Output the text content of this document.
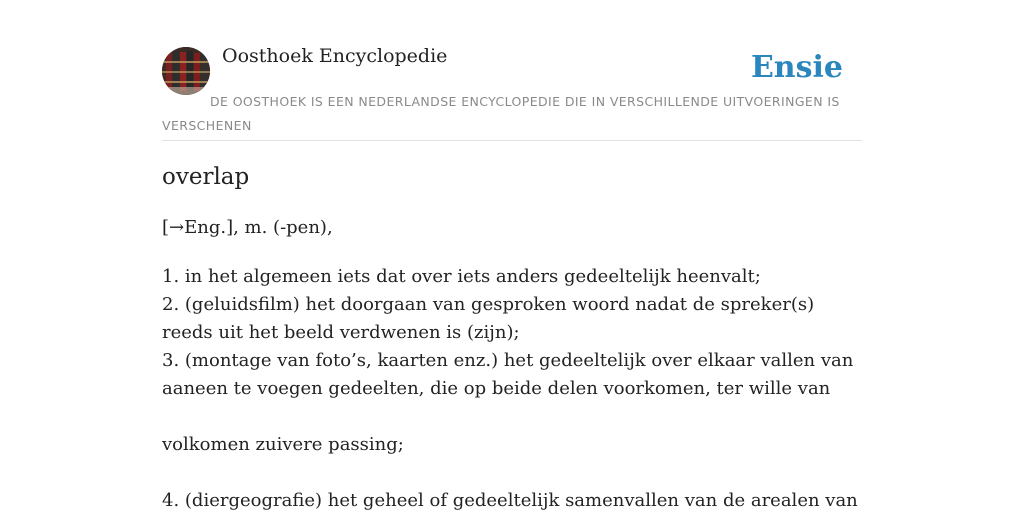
Oosthoek Encyclopedie	Ensie
DE OOSTHOEK IS EEN NEDERLANDSE ENCYCLOPEDIE DIE IN VERSCHILLENDE UITVOERINGEN IS VERSCHENEN
overlap
[→Eng.], m. (-pen),

1. in het algemeen iets dat over iets anders gedeeltelijk heenvalt;

2. (geluidsfilm) het doorgaan van gesproken woord nadat de spreker(s) reeds uit het beeld verdwenen is (zijn);

3. (montage van foto’s, kaarten enz.) het gedeeltelijk over elkaar vallen van aaneen te voegen gedeelten, die op beide delen voorkomen, ter wille van

volkomen zuivere passing;

4. (diergeografie) het geheel of gedeeltelijk samenvallen van de arealen van
